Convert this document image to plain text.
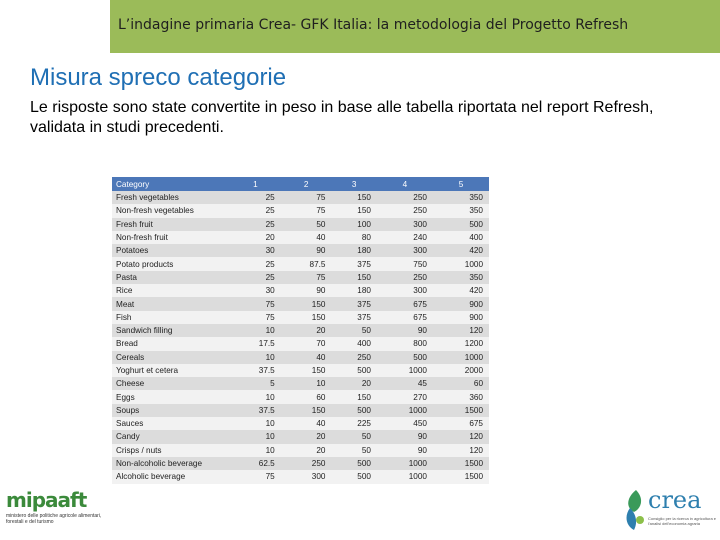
L’indagine primaria Crea- GFK Italia: la metodologia del Progetto Refresh
Misura spreco categorie
Le risposte sono state convertite in peso in base alle tabella riportata nel report Refresh, validata in studi precedenti.
Category	1	2	3	4	5
Fresh vegetables	25	75	150	250	350
Non-fresh vegetables	25	75	150	250	350
Fresh fruit	25	50	100	300	500
Non-fresh fruit	20	40	80	240	400
Potatoes	30	90	180	300	420
Potato products	25	87.5	375	750	1000
Pasta	25	75	150	250	350
Rice	30	90	180	300	420
Meat	75	150	375	675	900
Fish	75	150	375	675	900
Sandwich filling	10	20	50	90	120
Bread	17.5	70	400	800	1200
Cereals	10	40	250	500	1000
Yoghurt et cetera	37.5	150	500	1000	2000
Cheese	5	10	20	45	60
Eggs	10	60	150	270	360
Soups	37.5	150	500	1000	1500
Sauces	10	40	225	450	675
Candy	10	20	50	90	120
Crisps / nuts	10	20	50	90	120
Non-alcoholic beverage	62.5	250	500	1000	1500
Alcoholic beverage	75	300	500	1000	1500
mipaaft
ministero delle politiche agricole alimentari, forestali e del turismo
crea
Consiglio per la ricerca in agricoltura e l'analisi dell'economia agraria
